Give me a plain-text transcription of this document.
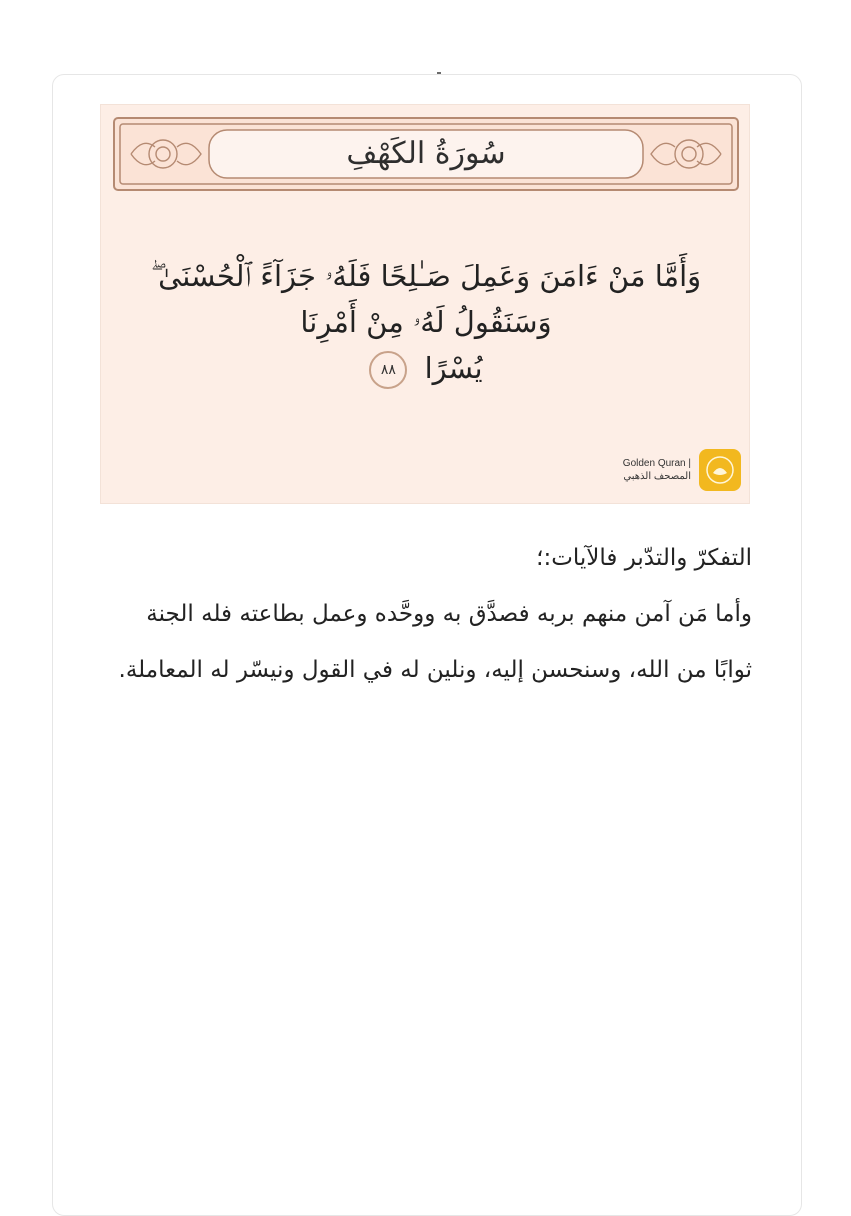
سُورَةُ الكَهْفِ
وَأَمَّا مَنْ ءَامَنَ وَعَمِلَ صَـٰلِحًا فَلَهُۥ جَزَآءً ٱلْحُسْنَىٰ ۖ وَسَنَقُولُ لَهُۥ مِنْ أَمْرِنَا
يُسْرًا ٨٨
Golden Quran |
المصحف الذهبي
التفكرّ والتدّبر فالآيات:؛
وأما مَن آمن منهم بربه فصدَّق به ووحَّده وعمل بطاعته فله الجنة ثوابًا من الله، وسنحسن إليه، ونلين له في القول ونيسّر له المعاملة.
